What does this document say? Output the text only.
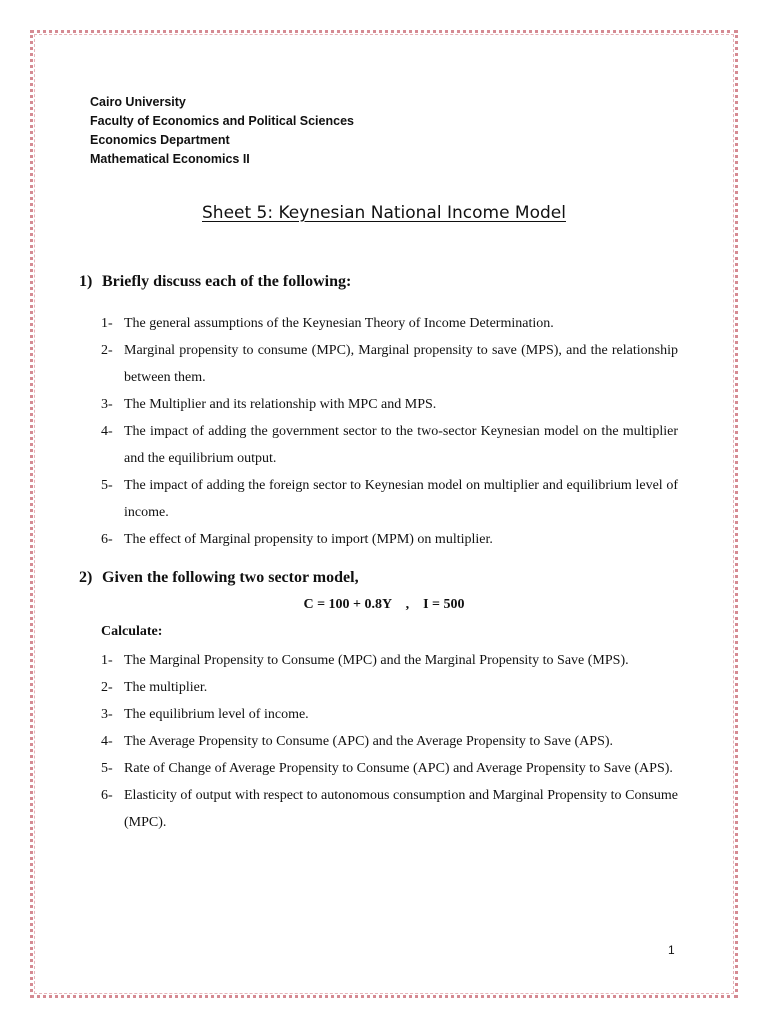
Cairo University
Faculty of Economics and Political Sciences
Economics Department
Mathematical Economics II
Sheet 5: Keynesian National Income Model
1) Briefly discuss each of the following:
1- The general assumptions of the Keynesian Theory of Income Determination.
2- Marginal propensity to consume (MPC), Marginal propensity to save (MPS), and the relationship between them.
3- The Multiplier and its relationship with MPC and MPS.
4- The impact of adding the government sector to the two-sector Keynesian model on the multiplier and the equilibrium output.
5- The impact of adding the foreign sector to Keynesian model on multiplier and equilibrium level of income.
6- The effect of Marginal propensity to import (MPM) on multiplier.
2) Given the following two sector model,
C = 100 + 0.8Y    ,    I = 500
Calculate:
1- The Marginal Propensity to Consume (MPC) and the Marginal Propensity to Save (MPS).
2- The multiplier.
3- The equilibrium level of income.
4- The Average Propensity to Consume (APC) and the Average Propensity to Save (APS).
5- Rate of Change of Average Propensity to Consume (APC) and Average Propensity to Save (APS).
6- Elasticity of output with respect to autonomous consumption and Marginal Propensity to Consume (MPC).
1
